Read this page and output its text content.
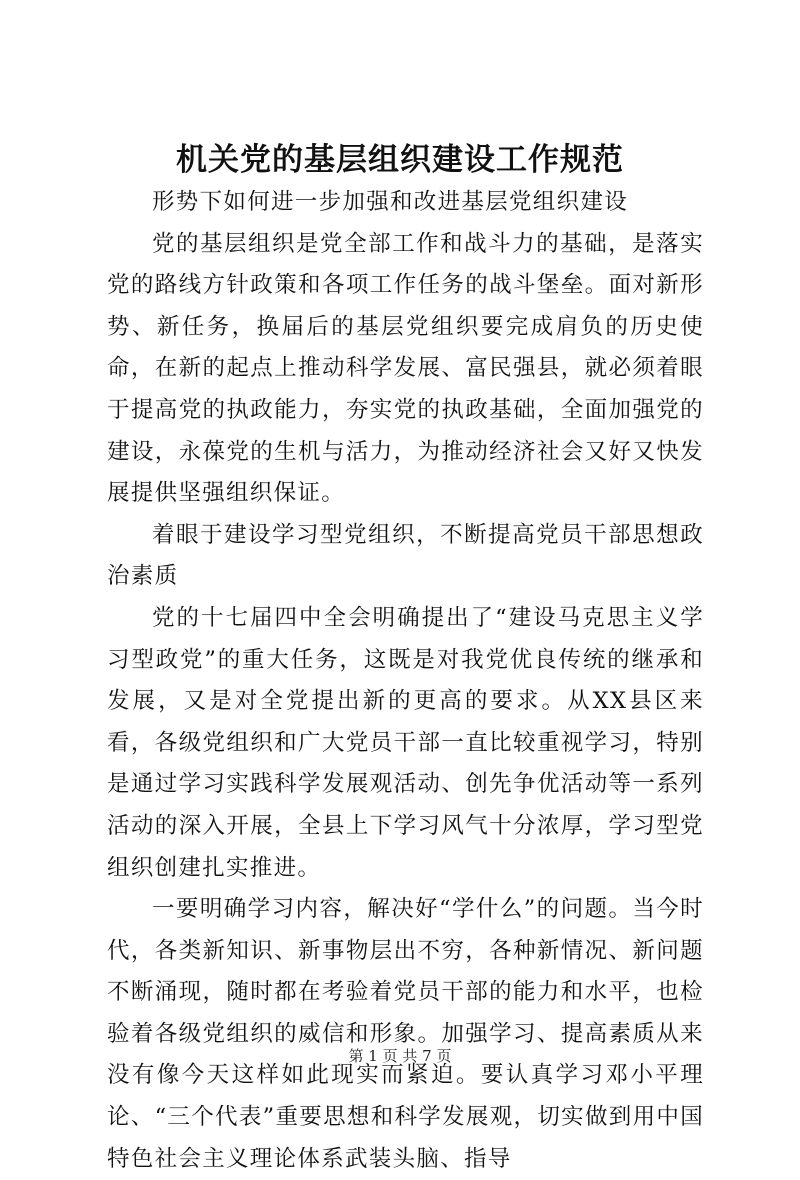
机关党的基层组织建设工作规范

形势下如何进一步加强和改进基层党组织建设

党的基层组织是党全部工作和战斗力的基础，是落实党的路线方针政策和各项工作任务的战斗堡垒。面对新形势、新任务，换届后的基层党组织要完成肩负的历史使命，在新的起点上推动科学发展、富民强县，就必须着眼于提高党的执政能力，夯实党的执政基础，全面加强党的建设，永葆党的生机与活力，为推动经济社会又好又快发展提供坚强组织保证。

着眼于建设学习型党组织，不断提高党员干部思想政治素质

党的十七届四中全会明确提出了“建设马克思主义学习型政党”的重大任务，这既是对我党优良传统的继承和发展，又是对全党提出新的更高的要求。从XX县区来看，各级党组织和广大党员干部一直比较重视学习，特别是通过学习实践科学发展观活动、创先争优活动等一系列活动的深入开展，全县上下学习风气十分浓厚，学习型党组织创建扎实推进。

一要明确学习内容，解决好“学什么”的问题。当今时代，各类新知识、新事物层出不穷，各种新情况、新问题不断涌现，随时都在考验着党员干部的能力和水平，也检验着各级党组织的威信和形象。加强学习、提高素质从来没有像今天这样如此现实而紧迫。要认真学习邓小平理论、“三个代表”重要思想和科学发展观，切实做到用中国特色社会主义理论体系武装头脑、指导

第 1 页 共 7 页
